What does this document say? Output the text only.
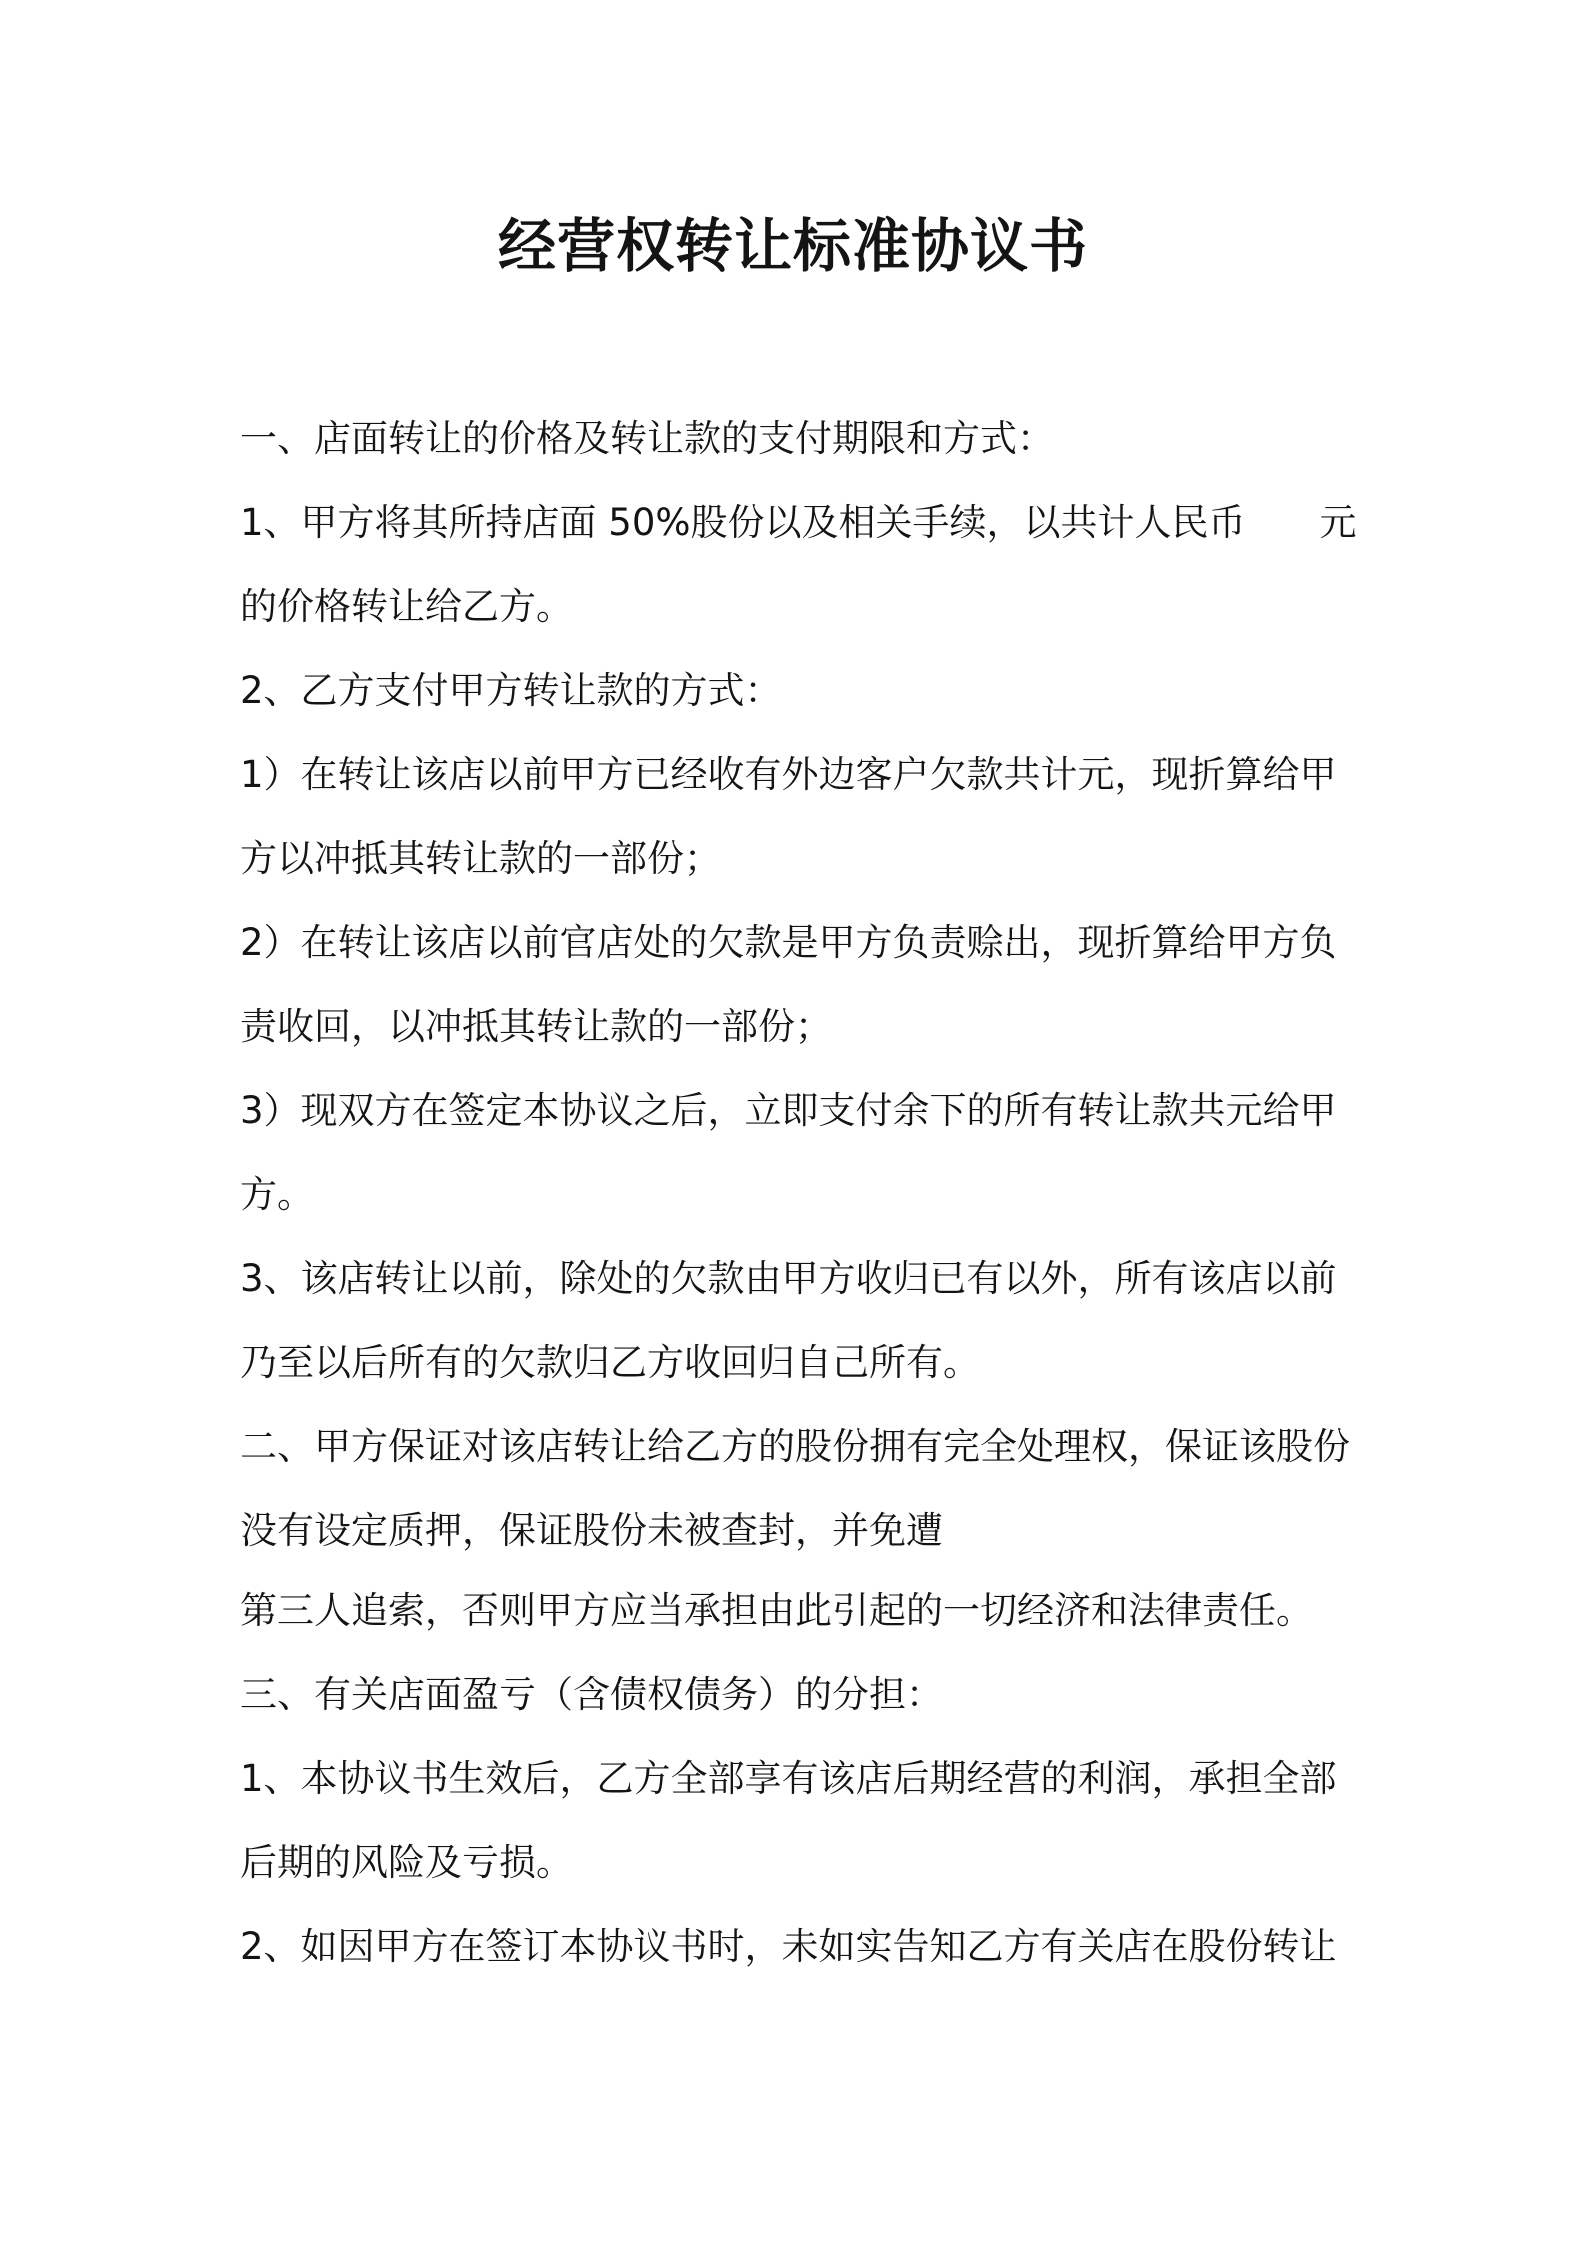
经营权转让标准协议书
一、店面转让的价格及转让款的支付期限和方式：
1、甲方将其所持店面 50%股份以及相关手续，以共计人民币　　元
的价格转让给乙方。
2、乙方支付甲方转让款的方式：
1）在转让该店以前甲方已经收有外边客户欠款共计元，现折算给甲
方以冲抵其转让款的一部份；
2）在转让该店以前官店处的欠款是甲方负责赊出，现折算给甲方负
责收回，以冲抵其转让款的一部份；
3）现双方在签定本协议之后，立即支付余下的所有转让款共元给甲
方。
3、该店转让以前，除处的欠款由甲方收归已有以外，所有该店以前
乃至以后所有的欠款归乙方收回归自己所有。
二、甲方保证对该店转让给乙方的股份拥有完全处理权，保证该股份
没有设定质押，保证股份未被查封，并免遭
第三人追索，否则甲方应当承担由此引起的一切经济和法律责任。
三、有关店面盈亏（含债权债务）的分担：
1、本协议书生效后，乙方全部享有该店后期经营的利润，承担全部
后期的风险及亏损。
2、如因甲方在签订本协议书时，未如实告知乙方有关店在股份转让
